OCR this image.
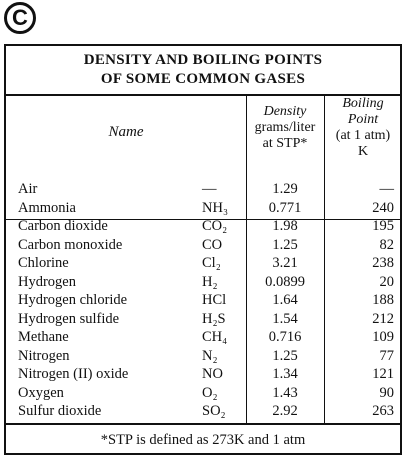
C
DENSITY AND BOILING POINTS
OF SOME COMMON GASES
Name
Density
grams/liter
at STP*
Boiling
Point
(at 1 atm)
K
Air	—	1.29	—
Ammonia	NH₃	0.771	240
Carbon dioxide	CO₂	1.98	195
Carbon monoxide	CO	1.25	82
Chlorine	Cl₂	3.21	238
Hydrogen	H₂	0.0899	20
Hydrogen chloride	HCl	1.64	188
Hydrogen sulfide	H₂S	1.54	212
Methane	CH₄	0.716	109
Nitrogen	N₂	1.25	77
Nitrogen (II) oxide	NO	1.34	121
Oxygen	O₂	1.43	90
Sulfur dioxide	SO₂	2.92	263
*STP is defined as 273K and 1 atm
